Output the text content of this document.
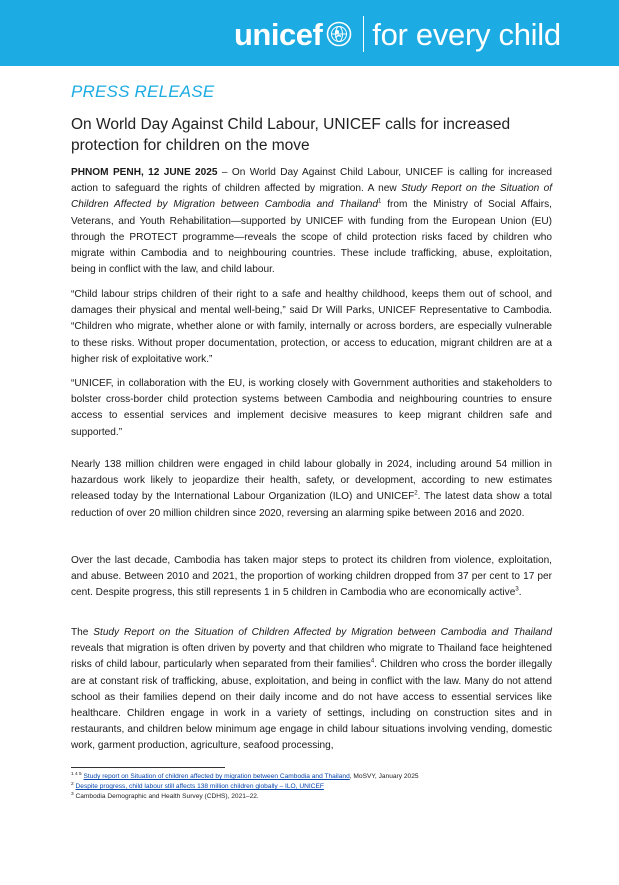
unicef for every child
PRESS RELEASE
On World Day Against Child Labour, UNICEF calls for increased protection for children on the move
PHNOM PENH, 12 JUNE 2025 – On World Day Against Child Labour, UNICEF is calling for increased action to safeguard the rights of children affected by migration. A new Study Report on the Situation of Children Affected by Migration between Cambodia and Thailand$^1$ from the Ministry of Social Affairs, Veterans, and Youth Rehabilitation—supported by UNICEF with funding from the European Union (EU) through the PROTECT programme—reveals the scope of child protection risks faced by children who migrate within Cambodia and to neighbouring countries. These include trafficking, abuse, exploitation, being in conflict with the law, and child labour.
“Child labour strips children of their right to a safe and healthy childhood, keeps them out of school, and damages their physical and mental well-being,” said Dr Will Parks, UNICEF Representative to Cambodia. “Children who migrate, whether alone or with family, internally or across borders, are especially vulnerable to these risks. Without proper documentation, protection, or access to education, migrant children are at a higher risk of exploitative work.”
“UNICEF, in collaboration with the EU, is working closely with Government authorities and stakeholders to bolster cross-border child protection systems between Cambodia and neighbouring countries to ensure access to essential services and implement decisive measures to keep migrant children safe and supported.”
Nearly 138 million children were engaged in child labour globally in 2024, including around 54 million in hazardous work likely to jeopardize their health, safety, or development, according to new estimates released today by the International Labour Organization (ILO) and UNICEF$^2$. The latest data show a total reduction of over 20 million children since 2020, reversing an alarming spike between 2016 and 2020.
Over the last decade, Cambodia has taken major steps to protect its children from violence, exploitation, and abuse. Between 2010 and 2021, the proportion of working children dropped from 37 per cent to 17 per cent. Despite progress, this still represents 1 in 5 children in Cambodia who are economically active$^3$.
The Study Report on the Situation of Children Affected by Migration between Cambodia and Thailand reveals that migration is often driven by poverty and that children who migrate to Thailand face heightened risks of child labour, particularly when separated from their families$^4$. Children who cross the border illegally are at constant risk of trafficking, abuse, exploitation, and being in conflict with the law. Many do not attend school as their families depend on their daily income and do not have access to essential services like healthcare. Children engage in work in a variety of settings, including on construction sites and in restaurants, and children below minimum age engage in child labour situations involving vending, domestic work, garment production, agriculture, seafood processing,
$^{1 4 5}$ Study report on Situation of children affected by migration between Cambodia and Thailand, MoSVY, January 2025
$^2$ Despite progress, child labour still affects 138 million children globally – ILO, UNICEF
$^3$ Cambodia Demographic and Health Survey (CDHS), 2021–22.
